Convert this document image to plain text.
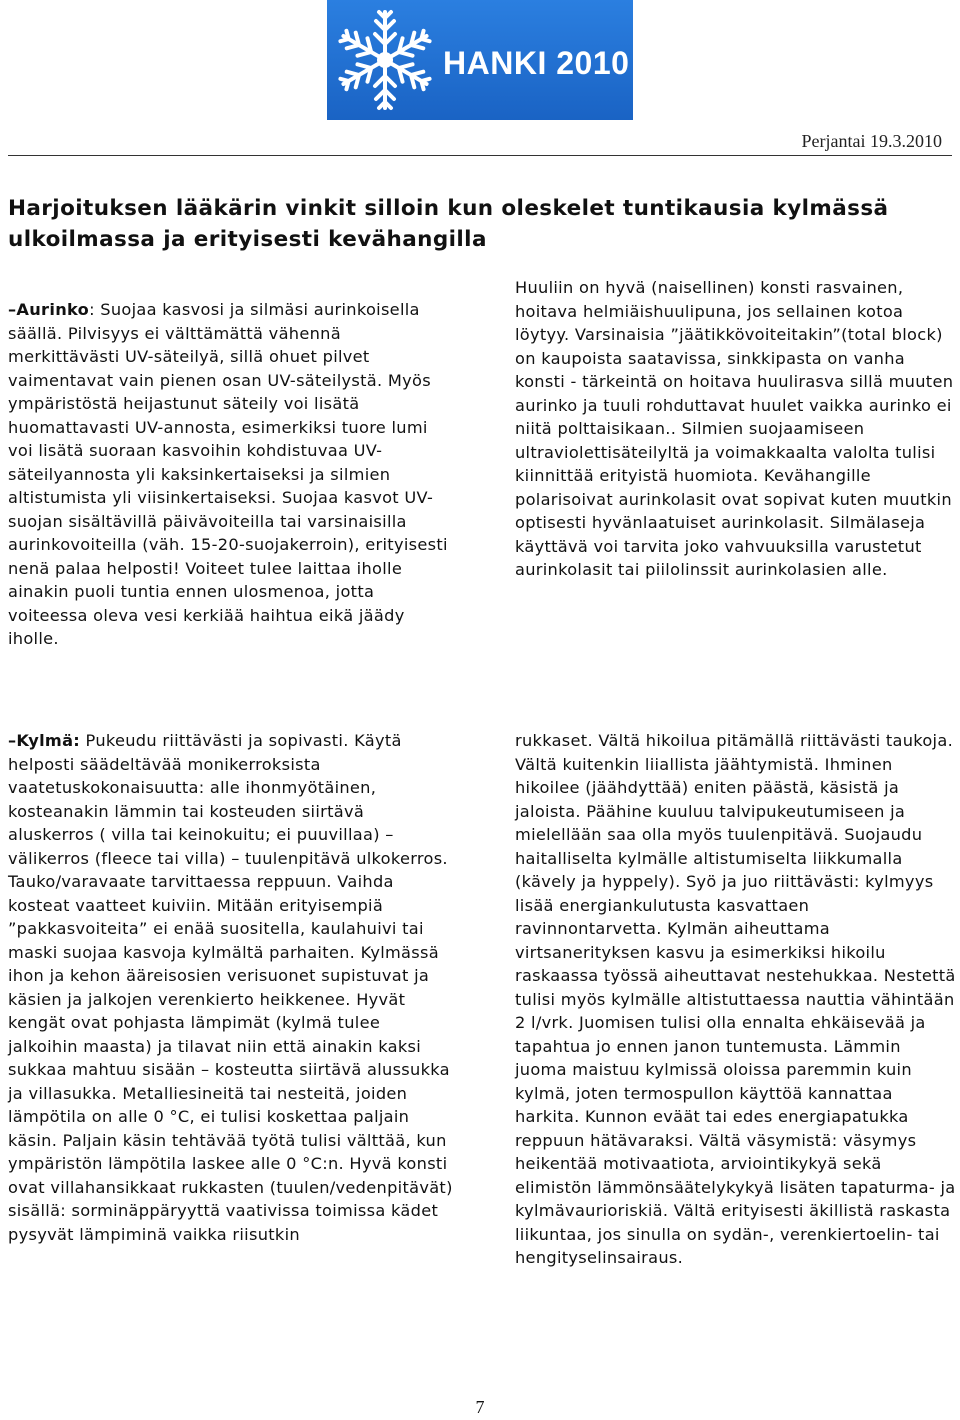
HANKI 2010
Perjantai 19.3.2010
Harjoituksen lääkärin vinkit silloin kun oleskelet tuntikausia kylmässä ulkoilmassa ja erityisesti kevähangilla

–Aurinko: Suojaa kasvosi ja silmäsi aurinkoisella säällä. Pilvisyys ei välttämättä vähennä merkittävästi UV-säteilyä, sillä ohuet pilvet vaimentavat vain pienen osan UV-säteilystä. Myös ympäristöstä heijastunut säteily voi lisätä huomattavasti UV-annosta, esimerkiksi tuore lumi voi lisätä suoraan kasvoihin kohdistuvaa UV-säteilyannosta yli kaksinkertaiseksi ja silmien altistumista yli viisinkertaiseksi. Suojaa kasvot UV-suojan sisältävillä päivävoiteilla tai varsinaisilla aurinkovoiteilla (väh. 15-20-suojakerroin), erityisesti nenä palaa helposti! Voiteet tulee laittaa iholle ainakin puoli tuntia ennen ulosmenoa, jotta voiteessa oleva vesi kerkiää haihtua eikä jäädy iholle.

Huuliin on hyvä (naisellinen) konsti rasvainen, hoitava helmiäishuulipuna, jos sellainen kotoa löytyy. Varsinaisia ”jäätikkövoiteitakin”(total block) on kaupoista saatavissa, sinkkipasta on vanha konsti - tärkeintä on hoitava huulirasva sillä muuten aurinko ja tuuli rohduttavat huulet vaikka aurinko ei niitä polttaisikaan.. Silmien suojaamiseen ultraviolettisäteilyltä ja voimakkaalta valolta tulisi kiinnittää erityistä huomiota. Kevähangille polarisoivat aurinkolasit ovat sopivat kuten muutkin optisesti hyvänlaatuiset aurinkolasit. Silmälaseja käyttävä voi tarvita joko vahvuuksilla varustetut aurinkolasit tai piilolinssit aurinkolasien alle.

–Kylmä: Pukeudu riittävästi ja sopivasti. Käytä helposti säädeltävää monikerroksista vaatetuskokonaisuutta: alle ihonmyötäinen, kosteanakin lämmin tai kosteuden siirtävä aluskerros ( villa tai keinokuitu; ei puuvillaa) – välikerros (fleece tai villa) – tuulenpitävä ulkokerros. Tauko/varavaate tarvittaessa reppuun. Vaihda kosteat vaatteet kuiviin. Mitään erityisempiä ”pakkasvoiteita” ei enää suositella, kaulahuivi tai maski suojaa kasvoja kylmältä parhaiten. Kylmässä ihon ja kehon ääreisosien verisuonet supistuvat ja käsien ja jalkojen verenkierto heikkenee. Hyvät kengät ovat pohjasta lämpimät (kylmä tulee jalkoihin maasta) ja tilavat niin että ainakin kaksi sukkaa mahtuu sisään – kosteutta siirtävä alussukka ja villasukka. Metalliesineitä tai nesteitä, joiden lämpötila on alle 0 °C, ei tulisi koskettaa paljain käsin. Paljain käsin tehtävää työtä tulisi välttää, kun ympäristön lämpötila laskee alle 0 °C:n. Hyvä konsti ovat villahansikkaat rukkasten (tuulen/vedenpitävät) sisällä: sorminäppäryyttä vaativissa toimissa kädet pysyvät lämpiminä vaikka riisutkin

rukkaset. Vältä hikoilua pitämällä riittävästi taukoja. Vältä kuitenkin liiallista jäähtymistä. Ihminen hikoilee (jäähdyttää) eniten päästä, käsistä ja jaloista. Päähine kuuluu talvipukeutumiseen ja mielellään saa olla myös tuulenpitävä. Suojaudu haitalliselta kylmälle altistumiselta liikkumalla (kävely ja hyppely). Syö ja juo riittävästi: kylmyys lisää energiankulutusta kasvattaen ravinnontarvetta. Kylmän aiheuttama virtsanerityksen kasvu ja esimerkiksi hikoilu raskaassa työssä aiheuttavat nestehukkaa. Nestettä tulisi myös kylmälle altistuttaessa nauttia vähintään 2 l/vrk. Juomisen tulisi olla ennalta ehkäisevää ja tapahtua jo ennen janon tuntemusta. Lämmin juoma maistuu kylmissä oloissa paremmin kuin kylmä, joten termospullon käyttöä kannattaa harkita. Kunnon eväät tai edes energiapatukka reppuun hätävaraksi. Vältä väsymistä: väsymys heikentää motivaatiota, arviointikykyä sekä elimistön lämmönsäätelykykyä lisäten tapaturma- ja kylmävaurioriskiä. Vältä erityisesti äkillistä raskasta liikuntaa, jos sinulla on sydän-, verenkiertoelin- tai hengityselinsairaus.

7
